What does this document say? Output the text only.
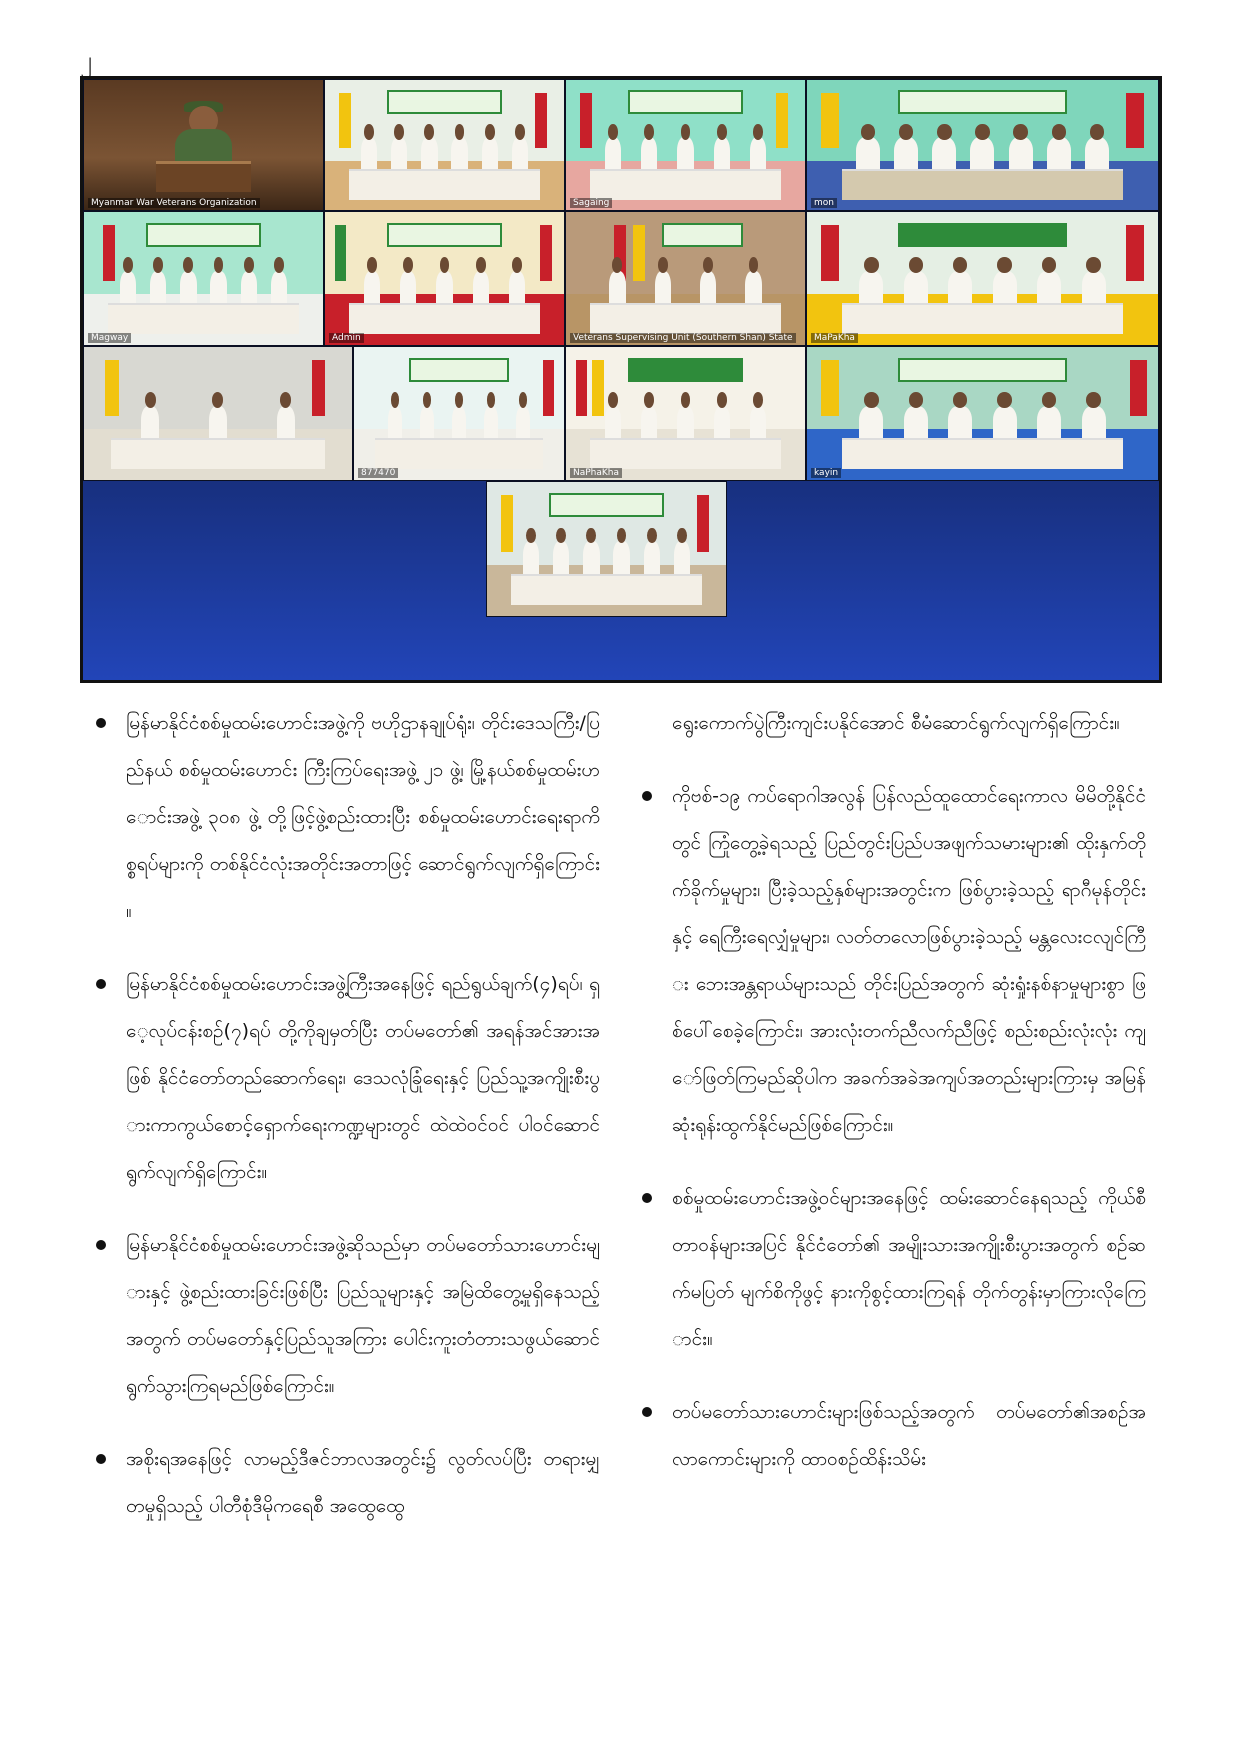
၂
Myanmar War Veterans Organization	Sagaing	mon
Magway	Admin	Veterans Supervising Unit (Southern Shan) State	MaPaKha
877470	NaPhaKha	kayin

မြန်မာနိုင်ငံစစ်မှုထမ်းဟောင်းအဖွဲ့ကို ဗဟိုဌာနချုပ်ရုံး၊ တိုင်းဒေသကြီး/ပြည်နယ် စစ်မှုထမ်းဟောင်း ကြီးကြပ်ရေးအဖွဲ့ ၂၁ ဖွဲ့၊ မြို့နယ်စစ်မှုထမ်းဟောင်းအဖွဲ့ ၃၀၈ ဖွဲ့ တို့ဖြင့်ဖွဲ့စည်းထားပြီး စစ်မှုထမ်းဟောင်းရေးရာကိစ္စရပ်များကို တစ်နိုင်ငံလုံးအတိုင်းအတာဖြင့် ဆောင်ရွက်လျက်ရှိကြောင်း။

မြန်မာနိုင်ငံစစ်မှုထမ်းဟောင်းအဖွဲ့ကြီးအနေဖြင့် ရည်ရွယ်ချက်(၄)ရပ်၊ ရှေ့လုပ်ငန်းစဉ်(၇)ရပ် တို့ကိုချမှတ်ပြီး တပ်မတော်၏ အရန်အင်အားအဖြစ် နိုင်ငံတော်တည်ဆောက်ရေး၊ ဒေသလုံခြုံရေးနှင့် ပြည်သူ့အကျိုးစီးပွားကာကွယ်စောင့်ရှောက်ရေးကဏ္ဍများတွင် ထဲထဲဝင်ဝင် ပါဝင်ဆောင်ရွက်လျက်ရှိကြောင်း။

မြန်မာနိုင်ငံစစ်မှုထမ်းဟောင်းအဖွဲ့ဆိုသည်မှာ တပ်မတော်သားဟောင်းများနှင့် ဖွဲ့စည်းထားခြင်းဖြစ်ပြီး ပြည်သူများနှင့် အမြဲထိတွေ့မှုရှိနေသည့်အတွက် တပ်မတော်နှင့်ပြည်သူအကြား ပေါင်းကူးတံတားသဖွယ်ဆောင်ရွက်သွားကြရမည်ဖြစ်ကြောင်း။

အစိုးရအနေဖြင့် လာမည့်ဒီဇင်ဘာလအတွင်း၌ လွတ်လပ်ပြီး တရားမျှတမှုရှိသည့် ပါတီစုံဒီမိုကရေစီ အထွေထွေ

ရွေးကောက်ပွဲကြီးကျင်းပနိုင်အောင် စီမံဆောင်ရွက်လျက်ရှိကြောင်း။

ကိုဗစ်-၁၉ ကပ်ရောဂါအလွန် ပြန်လည်ထူထောင်ရေးကာလ မိမိတို့နိုင်ငံတွင် ကြုံတွေ့ခဲ့ရသည့် ပြည်တွင်းပြည်ပအဖျက်သမားများ၏ ထိုးနှက်တိုက်ခိုက်မှုများ၊ ပြီးခဲ့သည့်နှစ်များအတွင်းက ဖြစ်ပွားခဲ့သည့် ရာဂီမုန်တိုင်းနှင့် ရေကြီးရေလျှံမှုများ၊ လတ်တလောဖြစ်ပွားခဲ့သည့် မန္တလေးငလျင်ကြီး ဘေးအန္တရာယ်များသည် တိုင်းပြည်အတွက် ဆုံးရှုံးနစ်နာမှုများစွာ ဖြစ်ပေါ်စေခဲ့ကြောင်း၊ အားလုံးတက်ညီလက်ညီဖြင့် စည်းစည်းလုံးလုံး ကျော်ဖြတ်ကြမည်ဆိုပါက အခက်အခဲအကျပ်အတည်းများကြားမှ အမြန်ဆုံးရုန်းထွက်နိုင်မည်ဖြစ်ကြောင်း။

စစ်မှုထမ်းဟောင်းအဖွဲ့ဝင်များအနေဖြင့် ထမ်းဆောင်နေရသည့် ကိုယ်စီတာဝန်များအပြင် နိုင်ငံတော်၏ အမျိုးသားအကျိုးစီးပွားအတွက် စဉ်ဆက်မပြတ် မျက်စိကိုဖွင့် နားကိုစွင့်ထားကြရန် တိုက်တွန်းမှာကြားလိုကြောင်း။

တပ်မတော်သားဟောင်းများဖြစ်သည့်အတွက် တပ်မတော်၏အစဉ်အလာကောင်းများကို ထာဝစဉ်ထိန်းသိမ်း
